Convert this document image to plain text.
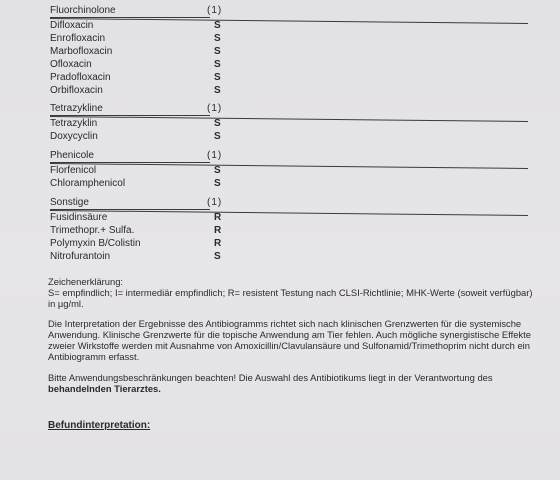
Fluorchinolone	(1)
Difloxacin	S
Enrofloxacin	S
Marbofloxacin	S
Ofloxacin	S
Pradofloxacin	S
Orbifloxacin	S
Tetrazykline	(1)
Tetrazyklin	S
Doxycyclin	S
Phenicole	(1)
Florfenicol	S
Chloramphenicol	S
Sonstige	(1)
Fusidinsäure	R
Trimethopr.+ Sulfa.	R
Polymyxin B/Colistin	R
Nitrofurantoin	S

Zeichenerklärung:

S= empfindlich; I= intermediär empfindlich; R= resistent Testung nach CLSI-Richtlinie; MHK-Werte (soweit verfügbar) in µg/ml.

Die Interpretation der Ergebnisse des Antibiogramms richtet sich nach klinischen Grenzwerten für die systemische Anwendung. Klinische Grenzwerte für die topische Anwendung am Tier fehlen. Auch mögliche synergistische Effekte zweier Wirkstoffe werden mit Ausnahme von Amoxicillin/Clavulansäure und Sulfonamid/Trimethoprim nicht durch ein Antibiogramm erfasst.

Bitte Anwendungsbeschränkungen beachten! Die Auswahl des Antibiotikums liegt in der Verantwortung des behandelnden Tierarztes.

Befundinterpretation:
